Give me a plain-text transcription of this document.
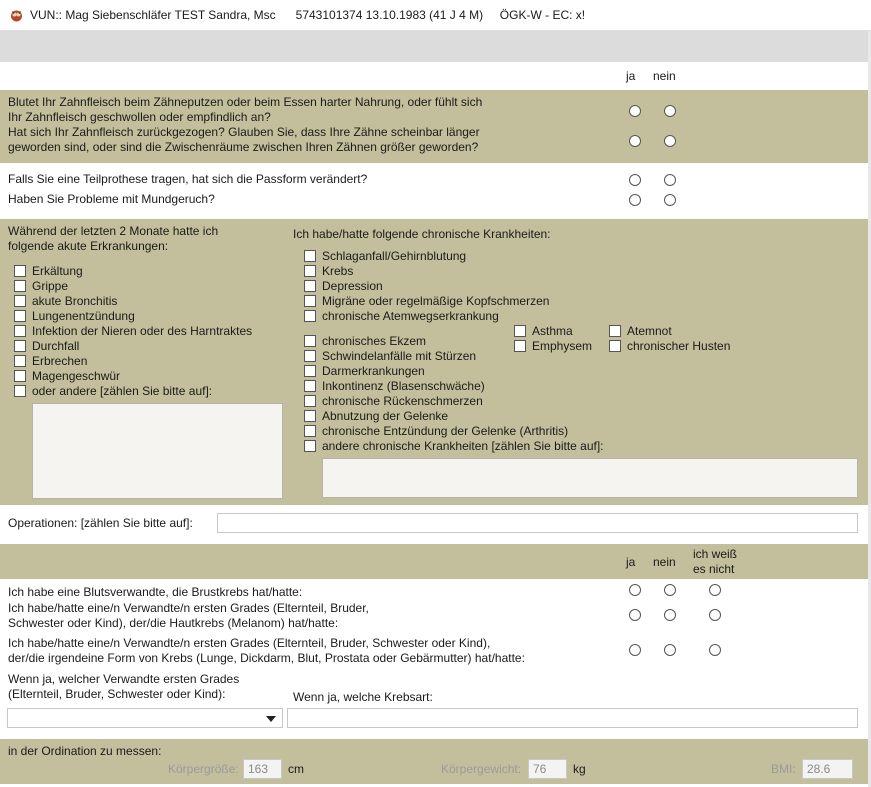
VUN:: Mag Siebenschläfer TEST Sandra, Msc      5743101374 13.10.1983 (41 J 4 M)     ÖGK-W - EC: x!
ja nein
Blutet Ihr Zahnfleisch beim Zähneputzen oder beim Essen harter Nahrung, oder fühlt sich
Ihr Zahnfleisch geschwollen oder empfindlich an?
Hat sich Ihr Zahnfleisch zurückgezogen? Glauben Sie, dass Ihre Zähne scheinbar länger
geworden sind, oder sind die Zwischenräume zwischen Ihren Zähnen größer geworden?
Falls Sie eine Teilprothese tragen, hat sich die Passform verändert?
Haben Sie Probleme mit Mundgeruch?
Während der letzten 2 Monate hatte ich
folgende akute Erkrankungen:
Erkältung
Grippe
akute Bronchitis
Lungenentzündung
Infektion der Nieren oder des Harntraktes
Durchfall
Erbrechen
Magengeschwür
oder andere [zählen Sie bitte auf]:
Ich habe/hatte folgende chronische Krankheiten:
Schlaganfall/Gehirnblutung
Krebs
Depression
Migräne oder regelmäßige Kopfschmerzen
chronische Atemwegserkrankung
Asthma	Atemnot
Emphysem	chronischer Husten
chronisches Ekzem
Schwindelanfälle mit Stürzen
Darmerkrankungen
Inkontinenz (Blasenschwäche)
chronische Rückenschmerzen
Abnutzung der Gelenke
chronische Entzündung der Gelenke (Arthritis)
andere chronische Krankheiten [zählen Sie bitte auf]:
Operationen: [zählen Sie bitte auf]:
ja nein
ich weiß
es nicht
Ich habe eine Blutsverwandte, die Brustkrebs hat/hatte:
Ich habe/hatte eine/n Verwandte/n ersten Grades (Elternteil, Bruder,
Schwester oder Kind), der/die Hautkrebs (Melanom) hat/hatte:
Ich habe/hatte eine/n Verwandte/n ersten Grades (Elternteil, Bruder, Schwester oder Kind),
der/die irgendeine Form von Krebs (Lunge, Dickdarm, Blut, Prostata oder Gebärmutter) hat/hatte:
Wenn ja, welcher Verwandte ersten Grades
(Elternteil, Bruder, Schwester oder Kind):	Wenn ja, welche Krebsart:
in der Ordination zu messen:
Körpergröße: 163	cm	Körpergewicht: 76	kg	BMI: 28.6
